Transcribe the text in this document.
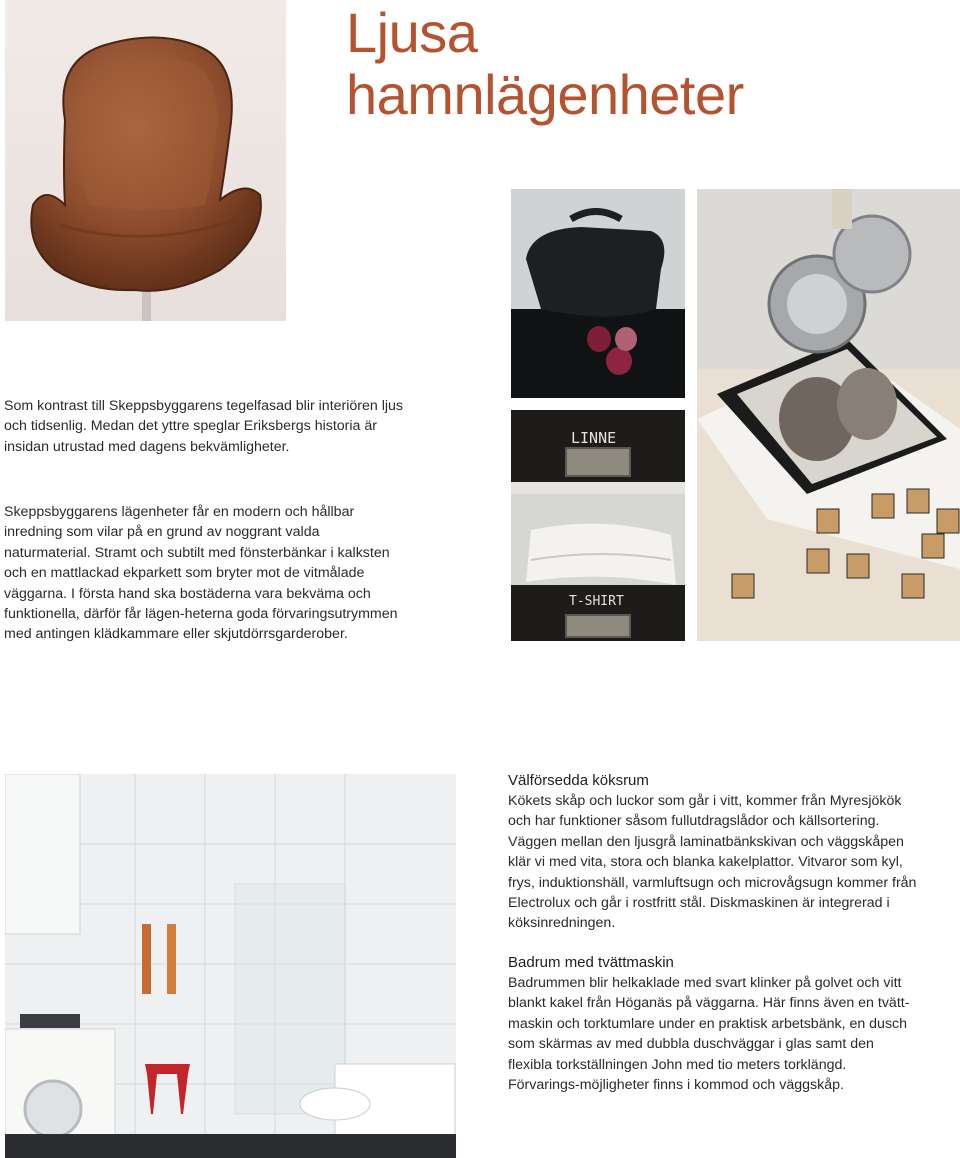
Ljusa
hamnlägenheter
Som kontrast till Skeppsbyggarens tegelfasad blir interiören ljus och tidsenlig. Medan det yttre speglar Eriksbergs historia är insidan utrustad med dagens bekvämligheter.
Skeppsbyggarens lägenheter får en modern och hållbar inredning som vilar på en grund av noggrant valda naturmaterial. Stramt och subtilt med fönsterbänkar i kalksten och en mattlackad ekparkett som bryter mot de vitmålade väggarna. I första hand ska bostäderna vara bekväma och funktionella, därför får lägen-heterna goda förvaringsutrymmen med antingen klädkammare eller skjutdörrsgarderober.
LINNE
T-SHIRT
Välförsedda köksrum
Kökets skåp och luckor som går i vitt, kommer från Myresjökök och har funktioner såsom fullutdragslådor och källsortering. Väggen mellan den ljusgrå laminatbänkskivan och väggskåpen klär vi med vita, stora och blanka kakelplattor. Vitvaror som kyl, frys, induktionshäll, varmluftsugn och microvågsugn kommer från Electrolux och går i rostfritt stål. Diskmaskinen är integrerad i köksinredningen.
Badrum med tvättmaskin
Badrummen blir helkaklade med svart klinker på golvet och vitt blankt kakel från Höganäs på väggarna. Här finns även en tvätt-maskin och torktumlare under en praktisk arbetsbänk, en dusch som skärmas av med dubbla duschväggar i glas samt den flexibla torkställningen John med tio meters torklängd. Förvarings-möjligheter finns i kommod och väggskåp.
